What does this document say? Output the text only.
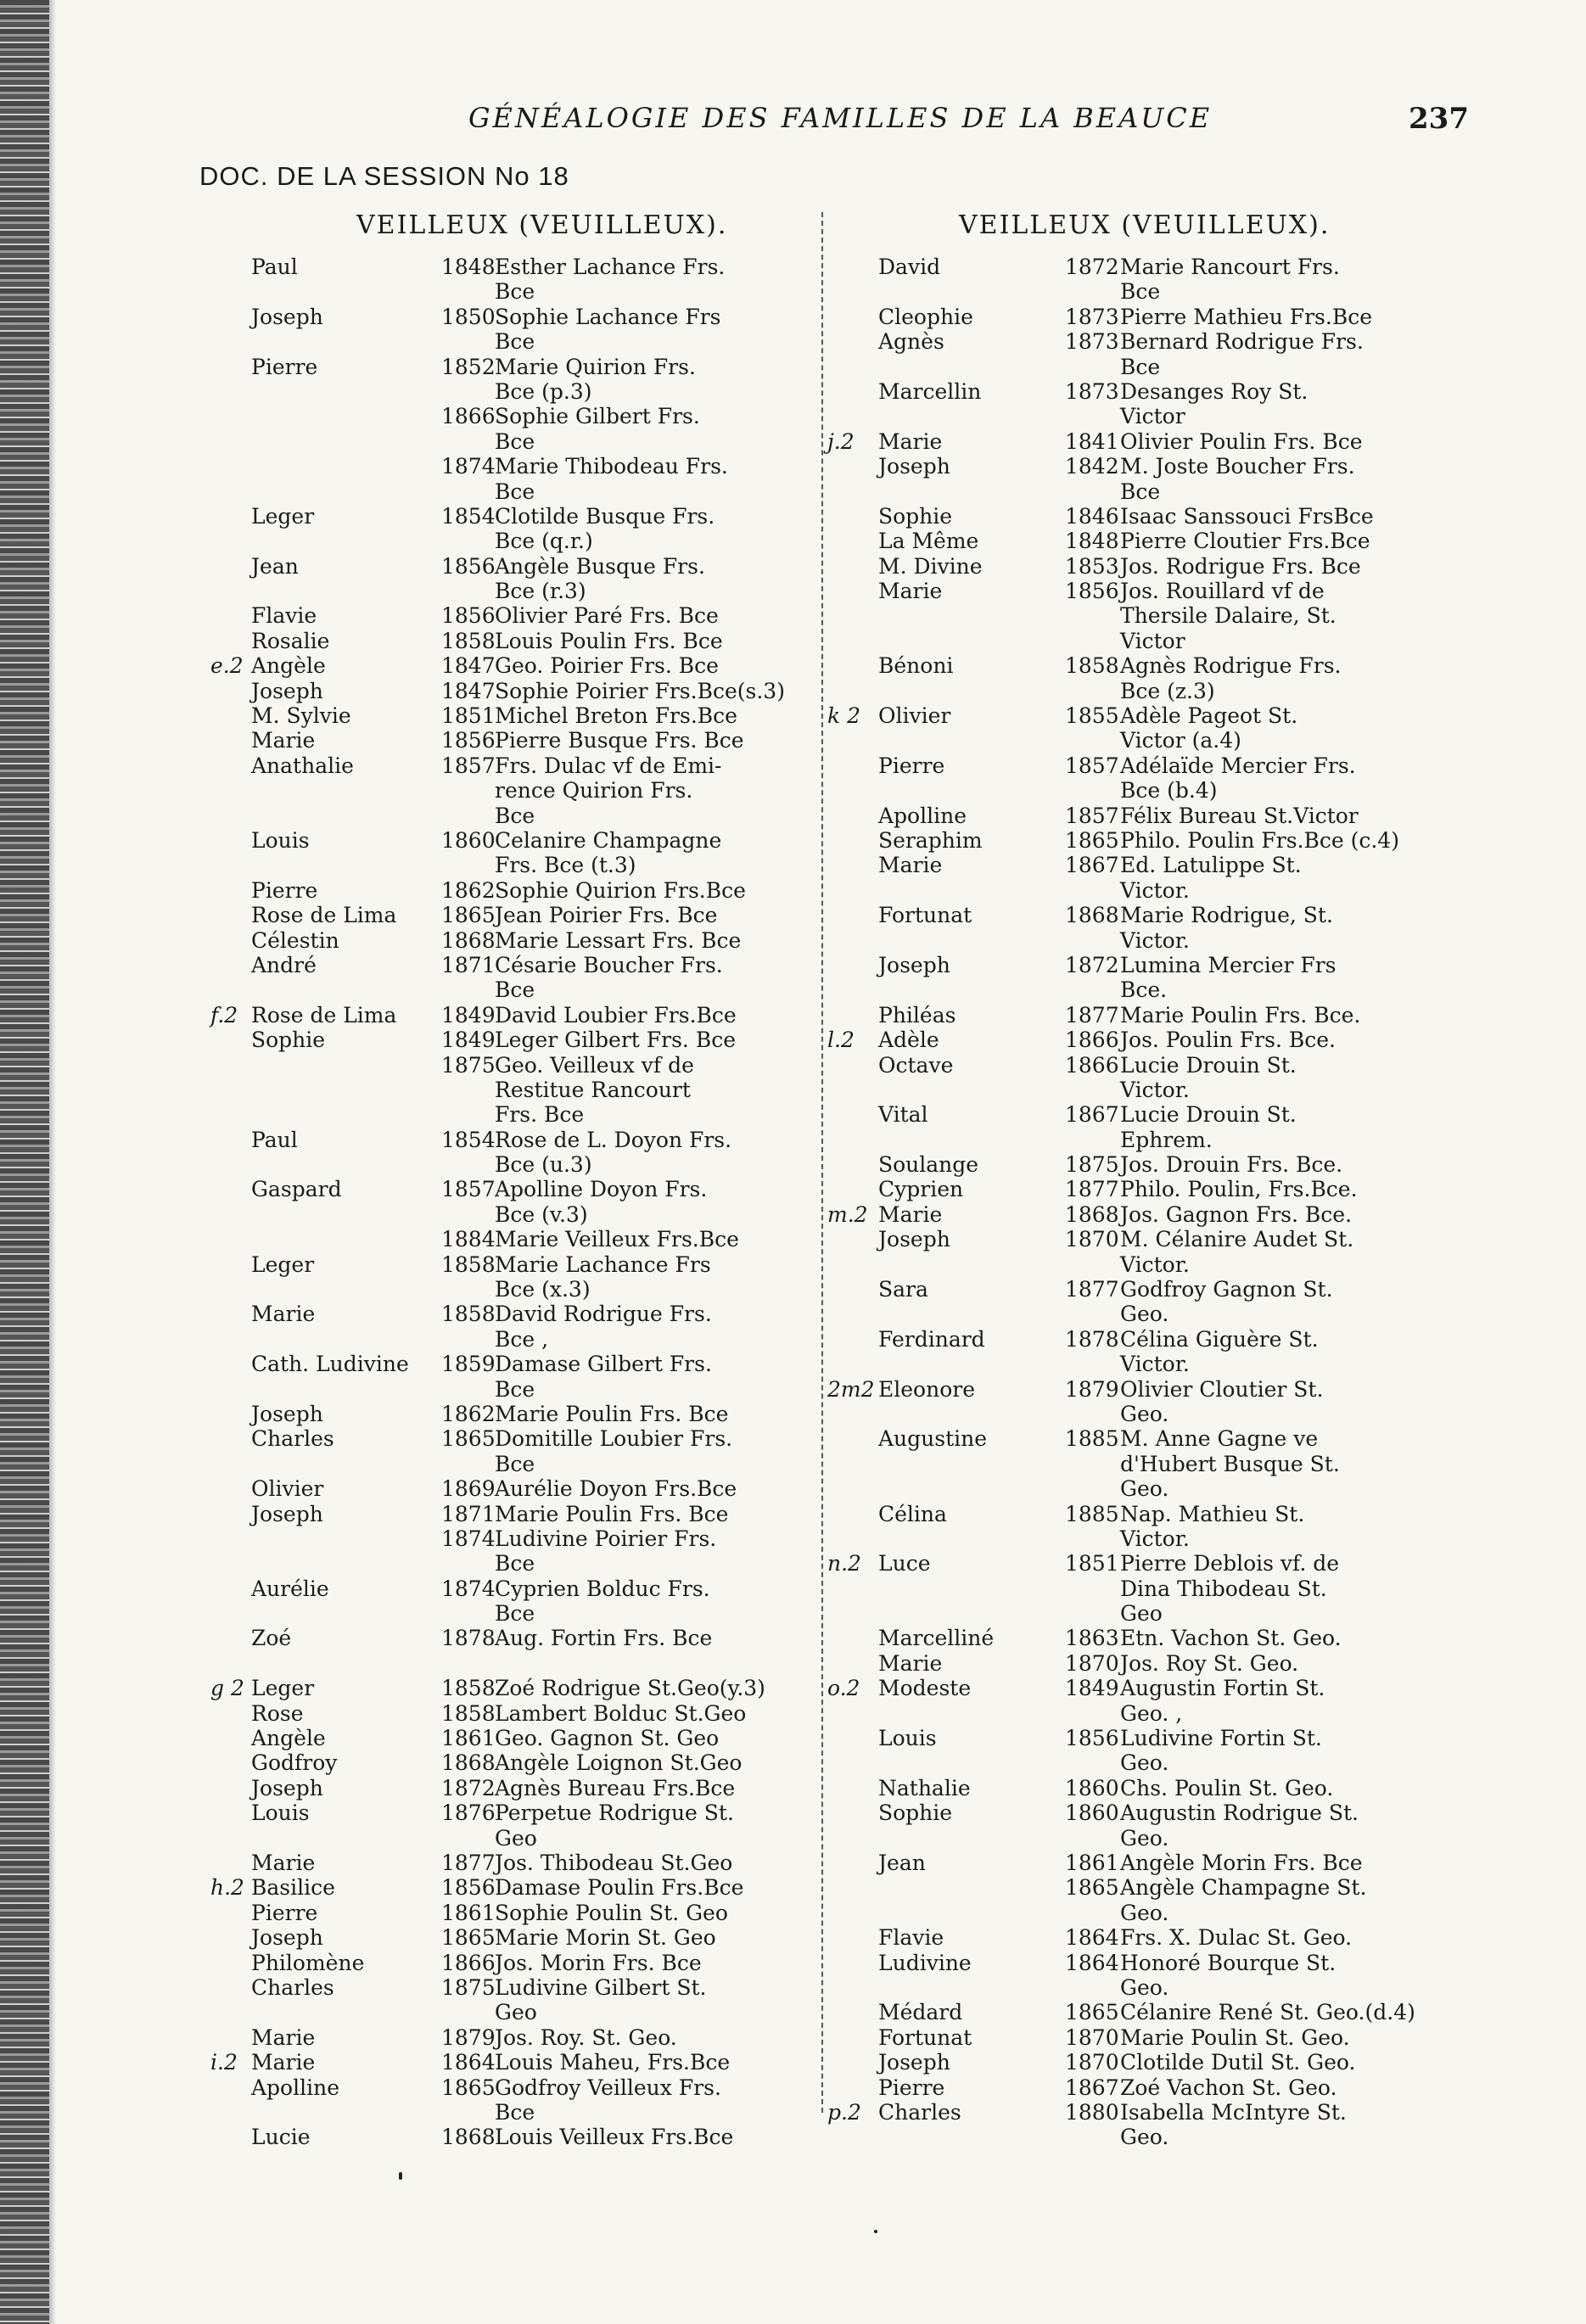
GÉNÉALOGIE DES FAMILLES DE LA BEAUCE	237
DOC. DE LA SESSION No 18
VEILLEUX (VEUILLEUX).	VEILLEUX (VEUILLEUX).
Paul	1848 Esther Lachance Frs.
Bce
Joseph	1850 Sophie Lachance Frs
Bce
Pierre	1852 Marie Quirion Frs.
Bce (p.3)
1866 Sophie Gilbert Frs.
Bce
1874 Marie Thibodeau Frs.
Bce
Leger	1854 Clotilde Busque Frs.
Bce (q.r.)
Jean	1856 Angèle Busque Frs.
Bce (r.3)
Flavie	1856 Olivier Paré Frs. Bce
Rosalie	1858 Louis Poulin Frs. Bce
e.2 Angèle	1847 Geo. Poirier Frs. Bce
Joseph	1847 Sophie Poirier Frs.Bce(s.3)
M. Sylvie	1851 Michel Breton Frs.Bce
Marie	1856 Pierre Busque Frs. Bce
Anathalie	1857 Frs. Dulac vf de Emi-
rence Quirion Frs.
Bce
Louis	1860 Celanire Champagne
Frs. Bce (t.3)
Pierre	1862 Sophie Quirion Frs.Bce
Rose de Lima 1865 Jean Poirier Frs. Bce
Célestin	1868 Marie Lessart Frs. Bce
André	1871 Césarie Boucher Frs.
Bce
f.2 Rose de Lima 1849 David Loubier Frs.Bce
Sophie	1849 Leger Gilbert Frs. Bce
1875 Geo. Veilleux vf de
Restitue Rancourt
Frs. Bce
Paul	1854 Rose de L. Doyon Frs.
Bce (u.3)
Gaspard	1857 Apolline Doyon Frs.
Bce (v.3)
1884 Marie Veilleux Frs.Bce
Leger	1858 Marie Lachance Frs
Bce (x.3)
Marie	1858 David Rodrigue Frs.
Bce ,
Cath. Ludivine 1859 Damase Gilbert Frs.
Bce
Joseph	1862 Marie Poulin Frs. Bce
Charles	1865 Domitille Loubier Frs.
Bce
Olivier	1869 Aurélie Doyon Frs.Bce
Joseph	1871 Marie Poulin Frs. Bce
1874 Ludivine Poirier Frs.
Bce
Aurélie	1874 Cyprien Bolduc Frs.
Bce
Zoé	1878 Aug. Fortin Frs. Bce
g 2 Leger	1858 Zoé Rodrigue St.Geo(y.3)
Rose	1858 Lambert Bolduc St.Geo
Angèle	1861 Geo. Gagnon St. Geo
Godfroy	1868 Angèle Loignon St.Geo
Joseph	1872 Agnès Bureau Frs.Bce
Louis	1876 Perpetue Rodrigue St.
Geo
Marie	1877 Jos. Thibodeau St.Geo
h.2 Basilice	1856 Damase Poulin Frs.Bce
Pierre	1861 Sophie Poulin St. Geo
Joseph	1865 Marie Morin St. Geo
Philomène	1866 Jos. Morin Frs. Bce
Charles	1875 Ludivine Gilbert St.
Geo
Marie	1879 Jos. Roy. St. Geo.
i.2 Marie	1864 Louis Maheu, Frs.Bce
Apolline	1865 Godfroy Veilleux Frs.
Bce
Lucie	1868 Louis Veilleux Frs.Bce
David	1872 Marie Rancourt Frs.
Bce
Cleophie	1873 Pierre Mathieu Frs.Bce
Agnès	1873 Bernard Rodrigue Frs.
Bce
Marcellin	1873 Desanges Roy St.
Victor
j.2 Marie	1841 Olivier Poulin Frs. Bce
Joseph	1842 M. Joste Boucher Frs.
Bce
Sophie	1846 Isaac Sanssouci FrsBce
La Même	1848 Pierre Cloutier Frs.Bce
M. Divine	1853 Jos. Rodrigue Frs. Bce
Marie	1856 Jos. Rouillard vf de
Thersile Dalaire, St.
Victor
Bénoni	1858 Agnès Rodrigue Frs.
Bce (z.3)
k 2 Olivier	1855 Adèle Pageot St.
Victor (a.4)
Pierre	1857 Adélaïde Mercier Frs.
Bce (b.4)
Apolline	1857 Félix Bureau St.Victor
Seraphim	1865 Philo. Poulin Frs.Bce (c.4)
Marie	1867 Ed. Latulippe St.
Victor.
Fortunat	1868 Marie Rodrigue, St.
Victor.
Joseph	1872 Lumina Mercier Frs
Bce.
Philéas	1877 Marie Poulin Frs. Bce.
l.2 Adèle	1866 Jos. Poulin Frs. Bce.
Octave	1866 Lucie Drouin St.
Victor.
Vital	1867 Lucie Drouin St.
Ephrem.
Soulange	1875 Jos. Drouin Frs. Bce.
Cyprien	1877 Philo. Poulin, Frs.Bce.
m.2 Marie	1868 Jos. Gagnon Frs. Bce.
Joseph	1870 M. Célanire Audet St.
Victor.
Sara	1877 Godfroy Gagnon St.
Geo.
Ferdinard	1878 Célina Giguère St.
Victor.
2m2 Eleonore	1879 Olivier Cloutier St.
Geo.
Augustine	1885 M. Anne Gagne ve
d'Hubert Busque St.
Geo.
Célina	1885 Nap. Mathieu St.
Victor.
n.2 Luce	1851 Pierre Deblois vf. de
Dina Thibodeau St.
Geo
Marcelliné	1863 Etn. Vachon St. Geo.
Marie	1870 Jos. Roy St. Geo.
o.2 Modeste	1849 Augustin Fortin St.
Geo. ,
Louis	1856 Ludivine Fortin St.
Geo.
Nathalie	1860 Chs. Poulin St. Geo.
Sophie	1860 Augustin Rodrigue St.
Geo.
Jean	1861 Angèle Morin Frs. Bce
1865 Angèle Champagne St.
Geo.
Flavie	1864 Frs. X. Dulac St. Geo.
Ludivine	1864 Honoré Bourque St.
Geo.
Médard	1865 Célanire René St. Geo.(d.4)
Fortunat	1870 Marie Poulin St. Geo.
Joseph	1870 Clotilde Dutil St. Geo.
Pierre	1867 Zoé Vachon St. Geo.
p.2 Charles	1880 Isabella McIntyre St.
Geo.
